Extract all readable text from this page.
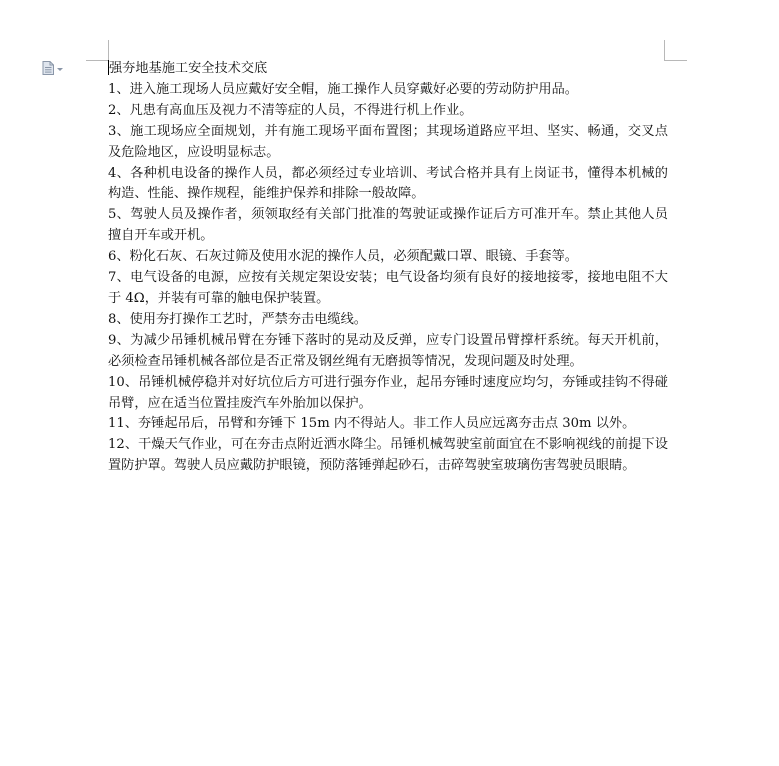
强夯地基施工安全技术交底

1、进入施工现场人员应戴好安全帽，施工操作人员穿戴好必要的劳动防护用品。

2、凡患有高血压及视力不清等症的人员，不得进行机上作业。

3、施工现场应全面规划，并有施工现场平面布置图；其现场道路应平坦、坚实、畅通，交叉点及危险地区，应设明显标志。

4、各种机电设备的操作人员，都必须经过专业培训、考试合格并具有上岗证书，懂得本机械的构造、性能、操作规程，能维护保养和排除一般故障。

5、驾驶人员及操作者，须领取经有关部门批准的驾驶证或操作证后方可准开车。禁止其他人员擅自开车或开机。

6、粉化石灰、石灰过筛及使用水泥的操作人员，必须配戴口罩、眼镜、手套等。

7、电气设备的电源，应按有关规定架设安装；电气设备均须有良好的接地接零，接地电阻不大于 4Ω，并装有可靠的触电保护装置。

8、使用夯打操作工艺时，严禁夯击电缆线。

9、为减少吊锤机械吊臂在夯锤下落时的晃动及反弹，应专门设置吊臂撑杆系统。每天开机前，必须检查吊锤机械各部位是否正常及钢丝绳有无磨损等情况，发现问题及时处理。

10、吊锤机械停稳并对好坑位后方可进行强夯作业，起吊夯锤时速度应均匀，夯锤或挂钩不得碰吊臂，应在适当位置挂废汽车外胎加以保护。

11、夯锤起吊后，吊臂和夯锤下 15m 内不得站人。非工作人员应远离夯击点 30m 以外。

12、干燥天气作业，可在夯击点附近洒水降尘。吊锤机械驾驶室前面宜在不影响视线的前提下设置防护罩。驾驶人员应戴防护眼镜，预防落锤弹起砂石，击碎驾驶室玻璃伤害驾驶员眼睛。
